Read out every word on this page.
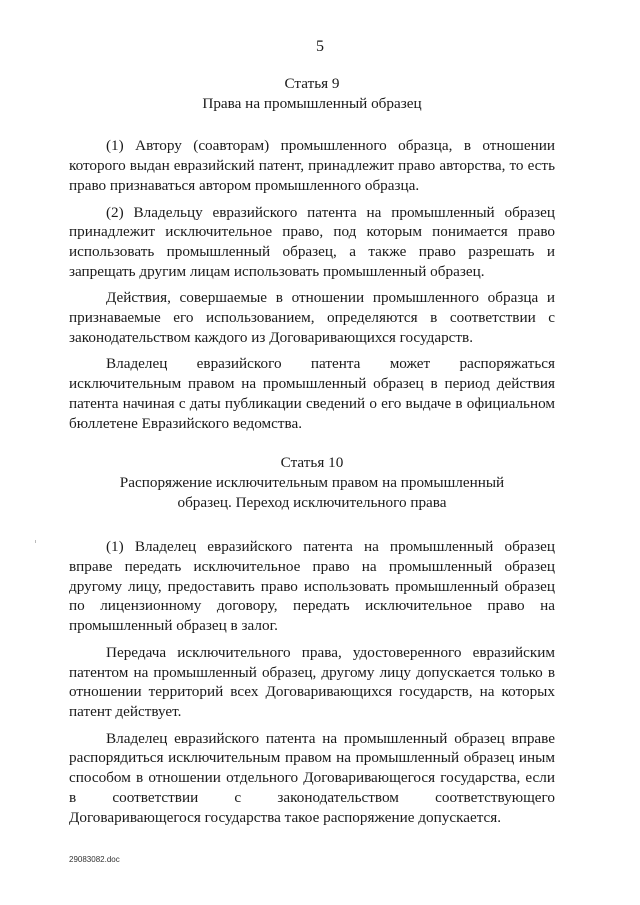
5

Статья 9

Права на промышленный образец

(1) Автору (соавторам) промышленного образца, в отношении которого выдан евразийский патент, принадлежит право авторства, то есть право признаваться автором промышленного образца.

(2) Владельцу евразийского патента на промышленный образец принадлежит исключительное право, под которым понимается право использовать промышленный образец, а также право разрешать и запрещать другим лицам использовать промышленный образец.

Действия, совершаемые в отношении промышленного образца и признаваемые его использованием, определяются в соответствии с законодательством каждого из Договаривающихся государств.

Владелец евразийского патента может распоряжаться исключительным правом на промышленный образец в период действия патента начиная с даты публикации сведений о его выдаче в официальном бюллетене Евразийского ведомства.

Статья 10

Распоряжение исключительным правом на промышленный

образец. Переход исключительного права

(1) Владелец евразийского патента на промышленный образец вправе передать исключительное право на промышленный образец другому лицу, предоставить право использовать промышленный образец по лицензионному договору, передать исключительное право на промышленный образец в залог.

Передача исключительного права, удостоверенного евразийским патентом на промышленный образец, другому лицу допускается только в отношении территорий всех Договаривающихся государств, на которых патент действует.

Владелец евразийского патента на промышленный образец вправе распорядиться исключительным правом на промышленный образец иным способом в отношении отдельного Договаривающегося государства, если в соответствии с законодательством соответствующего Договаривающегося государства такое распоряжение допускается.

29083082.doc
